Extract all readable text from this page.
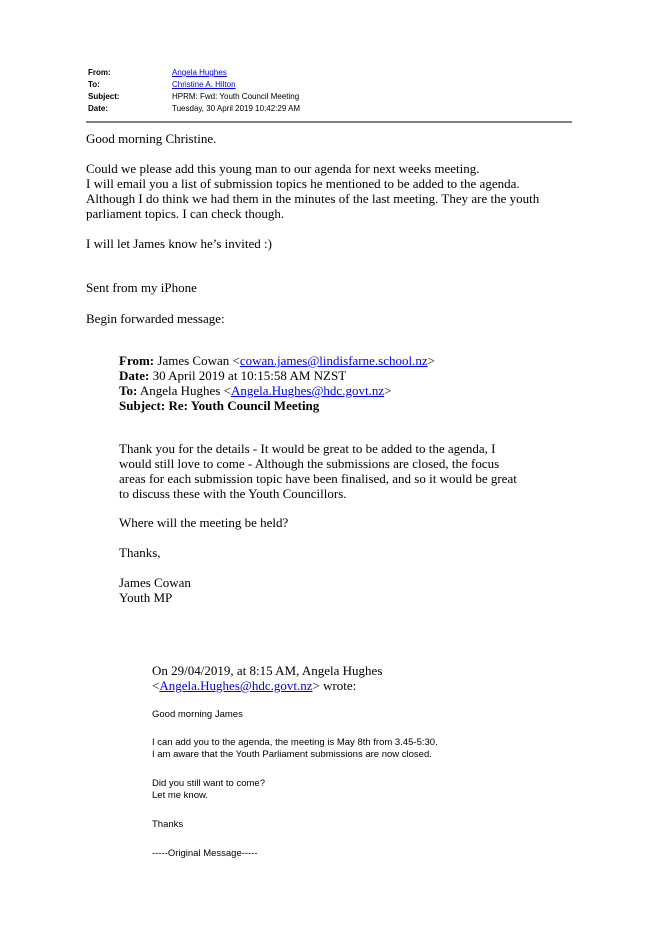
From:	Angela Hughes
To:	Christine A. Hilton
Subject:	HPRM: Fwd: Youth Council Meeting
Date:	Tuesday, 30 April 2019 10:42:29 AM
Good morning Christine.
Could we please add this young man to our agenda for next weeks meeting.
I will email you a list of submission topics he mentioned to be added to the agenda.
Although I do think we had them in the minutes of the last meeting. They are the youth
parliament topics. I can check though.
I will let James know he’s invited :)
Sent from my iPhone
Begin forwarded message:
From: James Cowan <cowan.james@lindisfarne.school.nz>
Date: 30 April 2019 at 10:15:58 AM NZST
To: Angela Hughes <Angela.Hughes@hdc.govt.nz>
Subject: Re: Youth Council Meeting
Thank you for the details - It would be great to be added to the agenda, I
would still love to come - Although the submissions are closed, the focus
areas for each submission topic have been finalised, and so it would be great
to discuss these with the Youth Councillors.
Where will the meeting be held?
Thanks,
James Cowan
Youth MP
On 29/04/2019, at 8:15 AM, Angela Hughes
<Angela.Hughes@hdc.govt.nz> wrote:
Good morning James
I can add you to the agenda, the meeting is May 8th from 3.45-5:30.
I am aware that the Youth Parliament submissions are now closed.
Did you still want to come?
Let me know.
Thanks
-----Original Message-----
